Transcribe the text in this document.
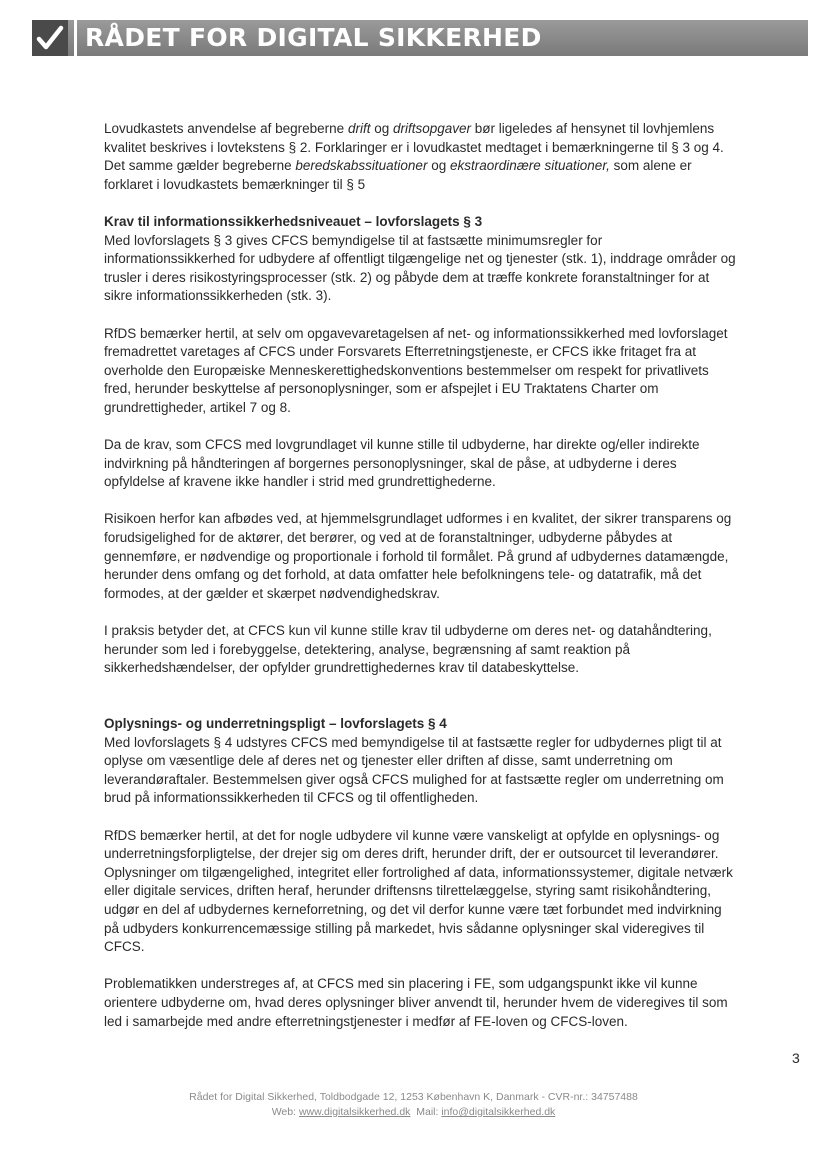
RÅDET FOR DIGITAL SIKKERHED

Lovudkastets anvendelse af begreberne drift og driftsopgaver bør ligeledes af hensynet til lovhjemlens kvalitet beskrives i lovtekstens § 2. Forklaringer er i lovudkastet medtaget i bemærkningerne til § 3 og 4. Det samme gælder begreberne beredskabssituationer og ekstraordinære situationer, som alene er forklaret i lovudkastets bemærkninger til § 5

Krav til informationssikkerhedsniveauet – lovforslagets § 3

Med lovforslagets § 3 gives CFCS bemyndigelse til at fastsætte minimumsregler for informationssikkerhed for udbydere af offentligt tilgængelige net og tjenester (stk. 1), inddrage områder og trusler i deres risikostyringsprocesser (stk. 2) og påbyde dem at træffe konkrete foranstaltninger for at sikre informationssikkerheden (stk. 3).

RfDS bemærker hertil, at selv om opgavevaretagelsen af net- og informationssikkerhed med lovforslaget fremadrettet varetages af CFCS under Forsvarets Efterretningstjeneste, er CFCS ikke fritaget fra at overholde den Europæiske Menneskerettighedskonventions bestemmelser om respekt for privatlivets fred, herunder beskyttelse af personoplysninger, som er afspejlet i EU Traktatens Charter om grundrettigheder, artikel 7 og 8.

Da de krav, som CFCS med lovgrundlaget vil kunne stille til udbyderne, har direkte og/eller indirekte indvirkning på håndteringen af borgernes personoplysninger, skal de påse, at udbyderne i deres opfyldelse af kravene ikke handler i strid med grundrettighederne.

Risikoen herfor kan afbødes ved, at hjemmelsgrundlaget udformes i en kvalitet, der sikrer transparens og forudsigelighed for de aktører, det berører, og ved at de foranstaltninger, udbyderne påbydes at gennemføre, er nødvendige og proportionale i forhold til formålet. På grund af udbydernes datamængde, herunder dens omfang og det forhold, at data omfatter hele befolkningens tele- og datatrafik, må det formodes, at der gælder et skærpet nødvendighedskrav.

I praksis betyder det, at CFCS kun vil kunne stille krav til udbyderne om deres net- og datahåndtering, herunder som led i forebyggelse, detektering, analyse, begrænsning af samt reaktion på sikkerhedshændelser, der opfylder grundrettighedernes krav til databeskyttelse.

Oplysnings- og underretningspligt – lovforslagets § 4

Med lovforslagets § 4 udstyres CFCS med bemyndigelse til at fastsætte regler for udbydernes pligt til at oplyse om væsentlige dele af deres net og tjenester eller driften af disse, samt underretning om leverandøraftaler. Bestemmelsen giver også CFCS mulighed for at fastsætte regler om underretning om brud på informationssikkerheden til CFCS og til offentligheden.

RfDS bemærker hertil, at det for nogle udbydere vil kunne være vanskeligt at opfylde en oplysnings- og underretningsforpligtelse, der drejer sig om deres drift, herunder drift, der er outsourcet til leverandører. Oplysninger om tilgængelighed, integritet eller fortrolighed af data, informationssystemer, digitale netværk eller digitale services, driften heraf, herunder driftensns tilrettelæggelse, styring samt risikohåndtering, udgør en del af udbydernes kerneforretning, og det vil derfor kunne være tæt forbundet med indvirkning på udbyders konkurrencemæssige stilling på markedet, hvis sådanne oplysninger skal videregives til CFCS.

Problematikken understreges af, at CFCS med sin placering i FE, som udgangspunkt ikke vil kunne orientere udbyderne om, hvad deres oplysninger bliver anvendt til, herunder hvem de videregives til som led i samarbejde med andre efterretningstjenester i medfør af FE-loven og CFCS-loven.

3
Rådet for Digital Sikkerhed, Toldbodgade 12, 1253 København K, Danmark - CVR-nr.: 34757488
Web: www.digitalsikkerhed.dk  Mail: info@digitalsikkerhed.dk
